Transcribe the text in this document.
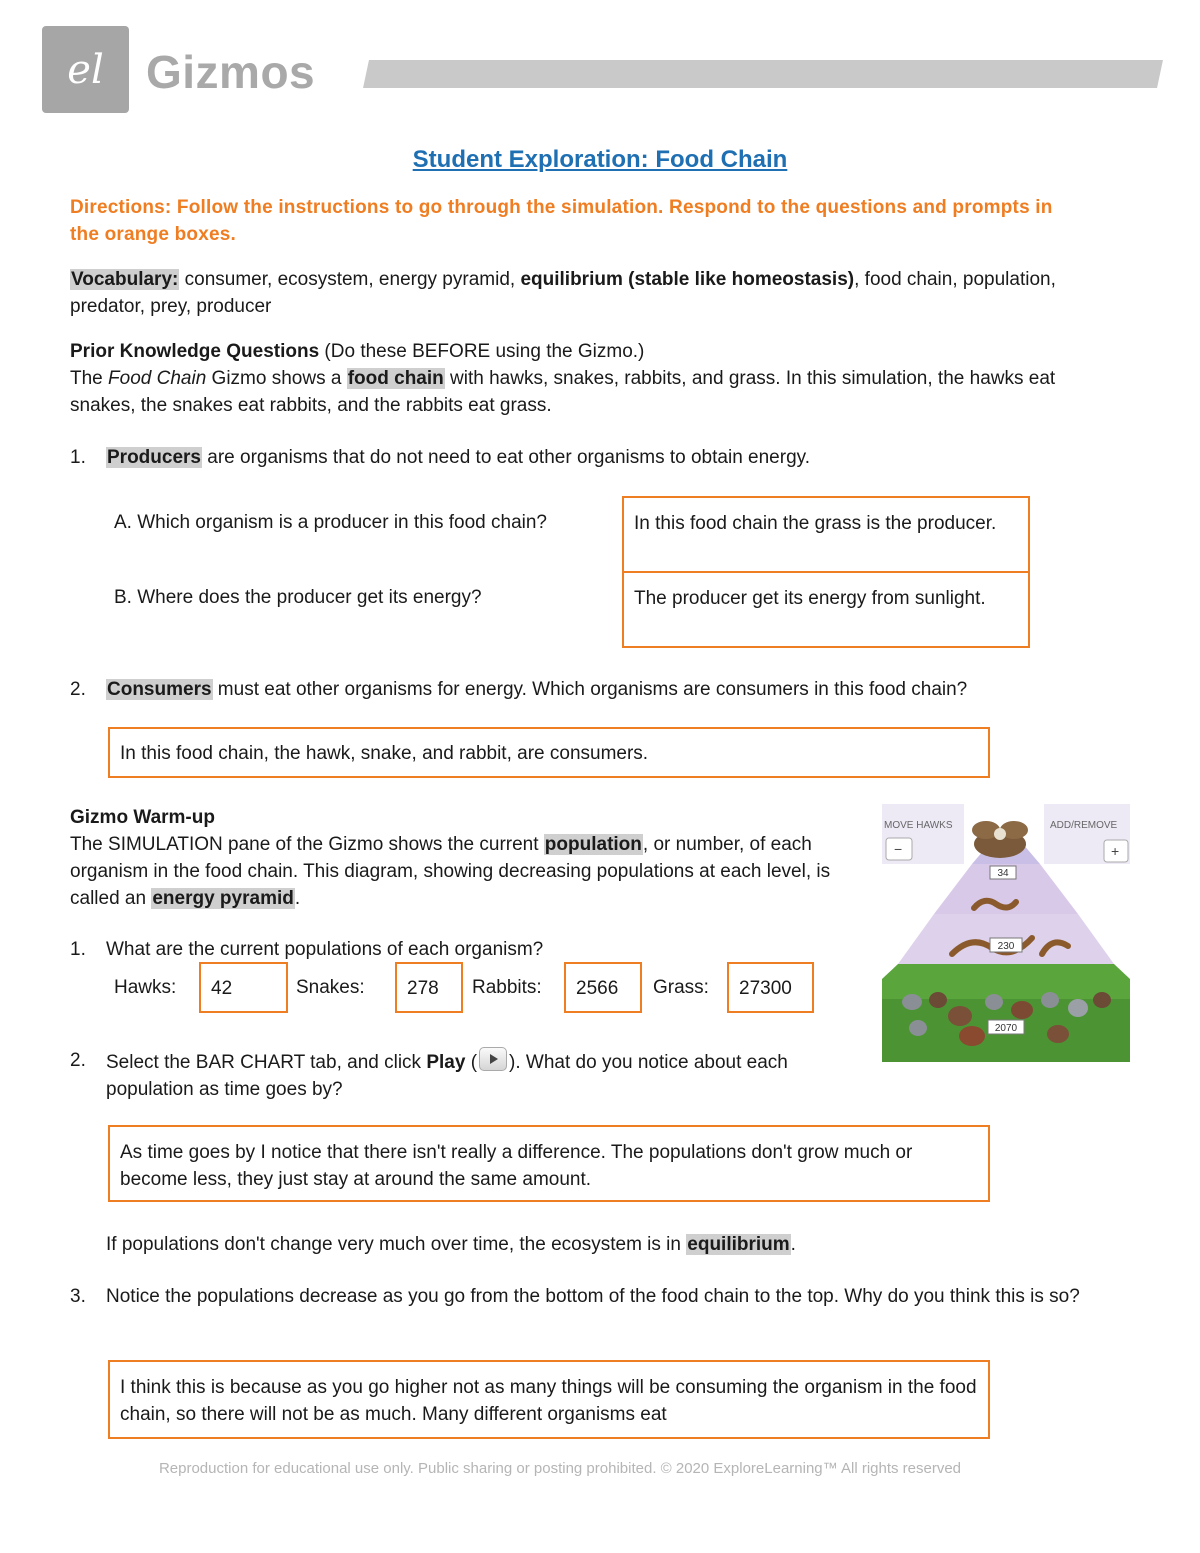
el Gizmos
Student Exploration: Food Chain
Directions: Follow the instructions to go through the simulation. Respond to the questions and prompts in the orange boxes.
Vocabulary: consumer, ecosystem, energy pyramid, equilibrium (stable like homeostasis), food chain, population, predator, prey, producer
Prior Knowledge Questions (Do these BEFORE using the Gizmo.)
The Food Chain Gizmo shows a food chain with hawks, snakes, rabbits, and grass. In this simulation, the hawks eat snakes, the snakes eat rabbits, and the rabbits eat grass.
1. Producers are organisms that do not need to eat other organisms to obtain energy.
A. Which organism is a producer in this food chain?	In this food chain the grass is the producer.
B. Where does the producer get its energy?	The producer get its energy from sunlight.
2. Consumers must eat other organisms for energy. Which organisms are consumers in this food chain?
In this food chain, the hawk, snake, and rabbit, are consumers.
Gizmo Warm-up
The SIMULATION pane of the Gizmo shows the current population, or number, of each organism in the food chain. This diagram, showing decreasing populations at each level, is called an energy pyramid.
1. What are the current populations of each organism?
Hawks:	42	Snakes:	278	Rabbits:	2566	Grass:	27300
2. Select the BAR CHART tab, and click Play ( ). What do you notice about each population as time goes by?
As time goes by I notice that there isn't really a difference. The populations don't grow much or become less, they just stay at around the same amount.
If populations don't change very much over time, the ecosystem is in equilibrium.
3. Notice the populations decrease as you go from the bottom of the food chain to the top. Why do you think this is so?
I think this is because as you go higher not as many things will be consuming the organism in the food chain, so there will not be as much. Many different organisms eat
MOVE HAWKS	ADD/REMOVE
−	+
34
230
2070
Reproduction for educational use only. Public sharing or posting prohibited. © 2020 ExploreLearning™ All rights reserved
